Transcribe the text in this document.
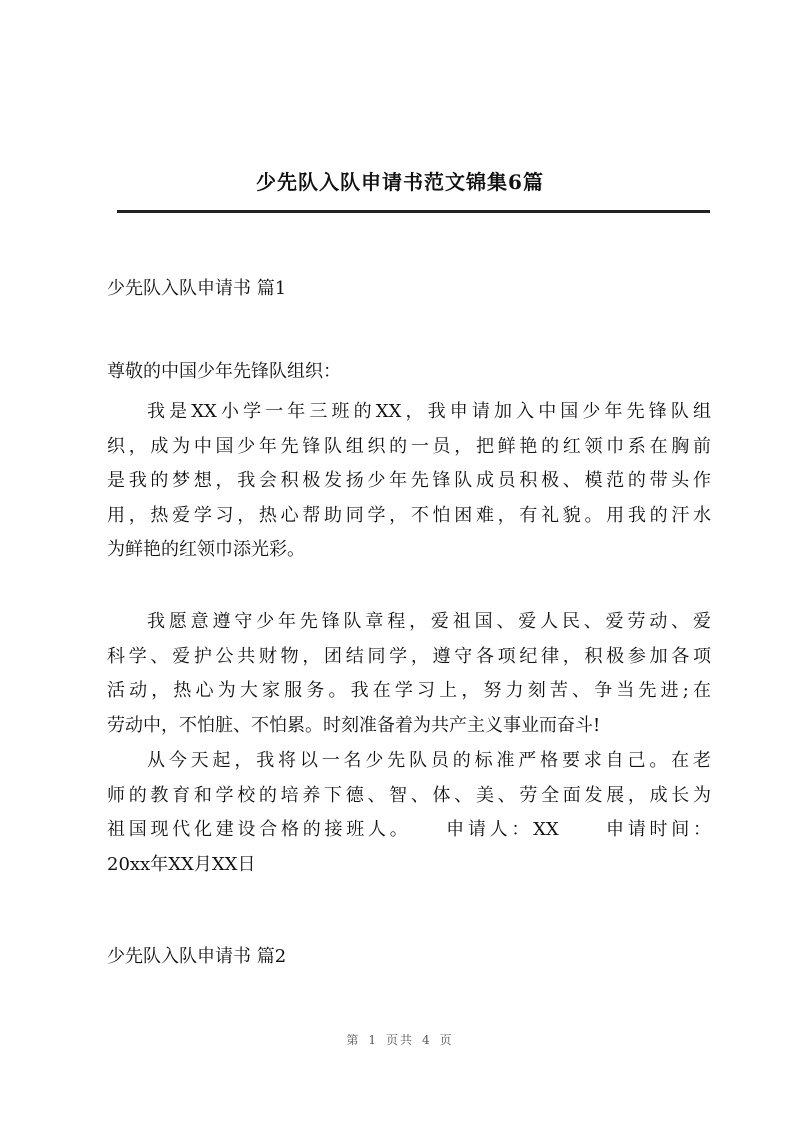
少先队入队申请书范文锦集6篇
少先队入队申请书 篇1
尊敬的中国少年先锋队组织：
我是XX小学一年三班的XX，我申请加入中国少年先锋队组
织，成为中国少年先锋队组织的一员，把鲜艳的红领巾系在胸前
是我的梦想，我会积极发扬少年先锋队成员积极、模范的带头作
用，热爱学习，热心帮助同学，不怕困难，有礼貌。用我的汗水
为鲜艳的红领巾添光彩。
我愿意遵守少年先锋队章程，爱祖国、爱人民、爱劳动、爱
科学、爱护公共财物，团结同学，遵守各项纪律，积极参加各项
活动，热心为大家服务。我在学习上，努力刻苦、争当先进;在
劳动中，不怕脏、不怕累。时刻准备着为共产主义事业而奋斗!
从今天起，我将以一名少先队员的标准严格要求自己。在老
师的教育和学校的培养下德、智、体、美、劳全面发展，成长为
祖国现代化建设合格的接班人。　　申请人：XX　　申请时间：
20xx年XX月XX日
少先队入队申请书 篇2
第 1 页共 4 页
